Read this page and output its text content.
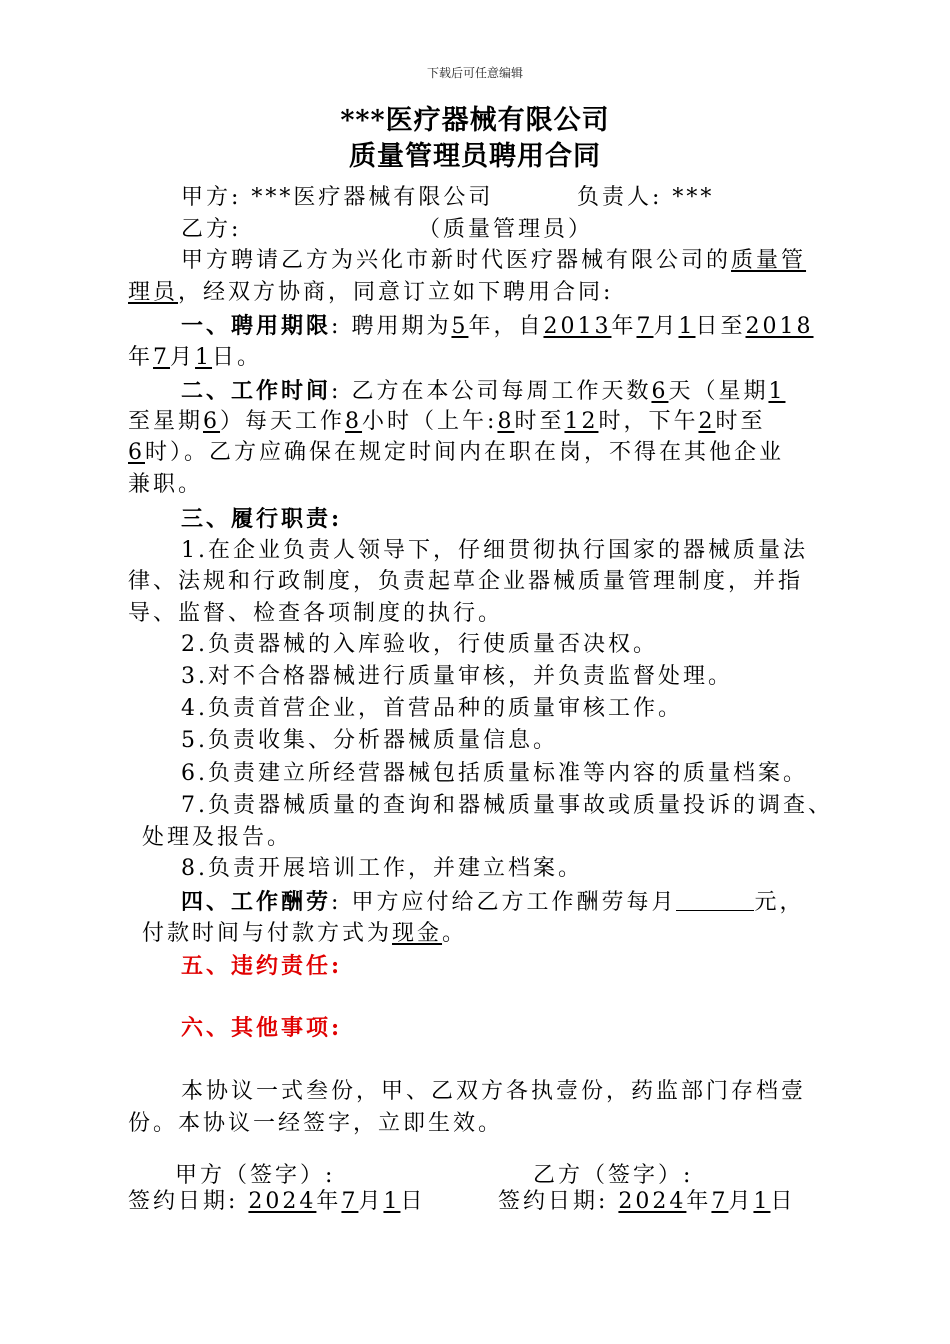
下载后可任意编辑
***医疗器械有限公司
质量管理员聘用合同
甲方: ***医疗器械有限公司	负责人: ***
乙方:	（质量管理员）
甲方聘请乙方为兴化市新时代医疗器械有限公司的质量管
理员，经双方协商，同意订立如下聘用合同:
一、聘用期限: 聘用期为5年，自2013年7月1日至2018
年7月1日。
二、工作时间: 乙方在本公司每周工作天数6天（星期1
至星期6）每天工作8小时（上午:8时至12时，下午2时至
6时）。乙方应确保在规定时间内在职在岗，不得在其他企业
兼职。
三、履行职责:
1.在企业负责人领导下，仔细贯彻执行国家的器械质量法
律、法规和行政制度，负责起草企业器械质量管理制度，并指
导、监督、检查各项制度的执行。
2.负责器械的入库验收，行使质量否决权。
3.对不合格器械进行质量审核，并负责监督处理。
4.负责首营企业，首营品种的质量审核工作。
5.负责收集、分析器械质量信息。
6.负责建立所经营器械包括质量标准等内容的质量档案。
7.负责器械质量的查询和器械质量事故或质量投诉的调查、
处理及报告。
8.负责开展培训工作，并建立档案。
四、工作酬劳: 甲方应付给乙方工作酬劳每月	元，
付款时间与付款方式为现金。
五、违约责任:
六、其他事项:
本协议一式叁份，甲、乙双方各执壹份，药监部门存档壹
份。本协议一经签字，立即生效。
甲方（签字）:	乙方（签字）:
签约日期: 2024年7月1日	签约日期: 2024年7月1日
